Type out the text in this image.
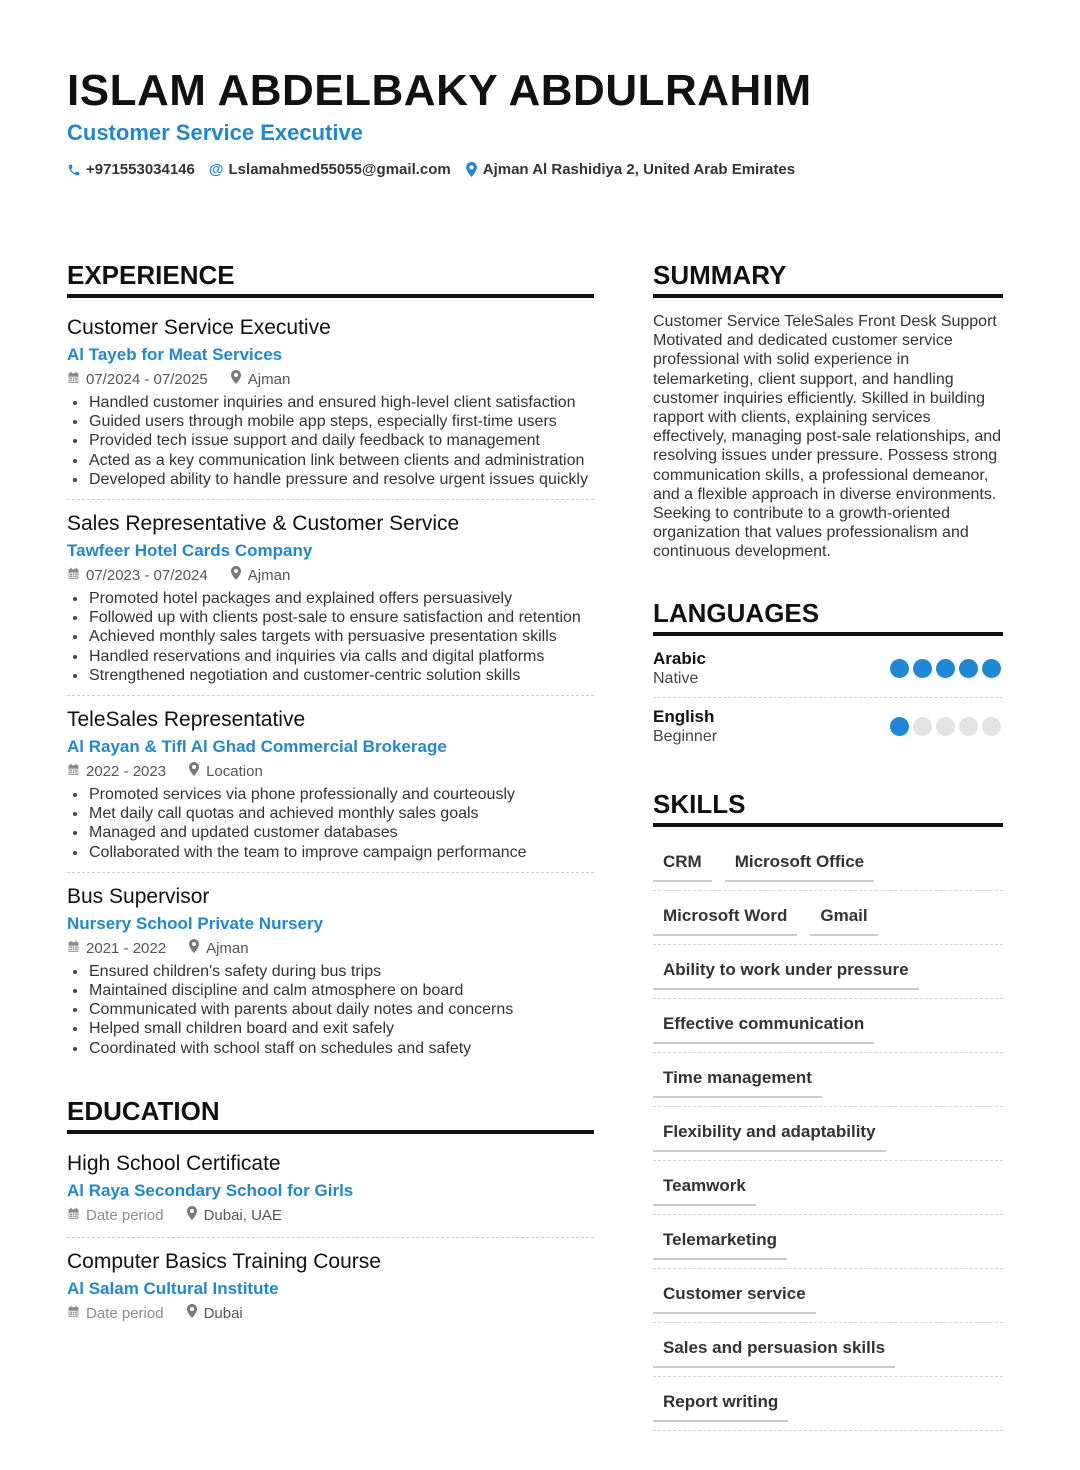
ISLAM ABDELBAKY ABDULRAHIM
Customer Service Executive
+971553034146 @ Lslamahmed55055@gmail.com Ajman Al Rashidiya 2, United Arab Emirates
EXPERIENCE

Customer Service Executive

Al Tayeb for Meat Services

07/2024 - 07/2025	Ajman
Handled customer inquiries and ensured high-level client satisfaction
Guided users through mobile app steps, especially first-time users
Provided tech issue support and daily feedback to management
Acted as a key communication link between clients and administration
Developed ability to handle pressure and resolve urgent issues quickly

Sales Representative & Customer Service

Tawfeer Hotel Cards Company

07/2023 - 07/2024	Ajman
Promoted hotel packages and explained offers persuasively
Followed up with clients post-sale to ensure satisfaction and retention
Achieved monthly sales targets with persuasive presentation skills
Handled reservations and inquiries via calls and digital platforms
Strengthened negotiation and customer-centric solution skills

TeleSales Representative

Al Rayan & Tifl Al Ghad Commercial Brokerage

2022 - 2023	Location
Promoted services via phone professionally and courteously
Met daily call quotas and achieved monthly sales goals
Managed and updated customer databases
Collaborated with the team to improve campaign performance

Bus Supervisor

Nursery School Private Nursery

2021 - 2022	Ajman
Ensured children's safety during bus trips
Maintained discipline and calm atmosphere on board
Communicated with parents about daily notes and concerns
Helped small children board and exit safely
Coordinated with school staff on schedules and safety
EDUCATION

High School Certificate

Al Raya Secondary School for Girls

Date period	Dubai, UAE

Computer Basics Training Course

Al Salam Cultural Institute

Date period	Dubai
SUMMARY

Customer Service TeleSales Front Desk Support Motivated and dedicated customer service professional with solid experience in telemarketing, client support, and handling customer inquiries efficiently. Skilled in building rapport with clients, explaining services effectively, managing post-sale relationships, and resolving issues under pressure. Possess strong communication skills, a professional demeanor, and a flexible approach in diverse environments. Seeking to contribute to a growth-oriented organization that values professionalism and continuous development.

LANGUAGES
Arabic
Native
English
Beginner
SKILLS
CRM	Microsoft Office
Microsoft Word	Gmail
Ability to work under pressure
Effective communication
Time management
Flexibility and adaptability
Teamwork
Telemarketing
Customer service
Sales and persuasion skills
Report writing
